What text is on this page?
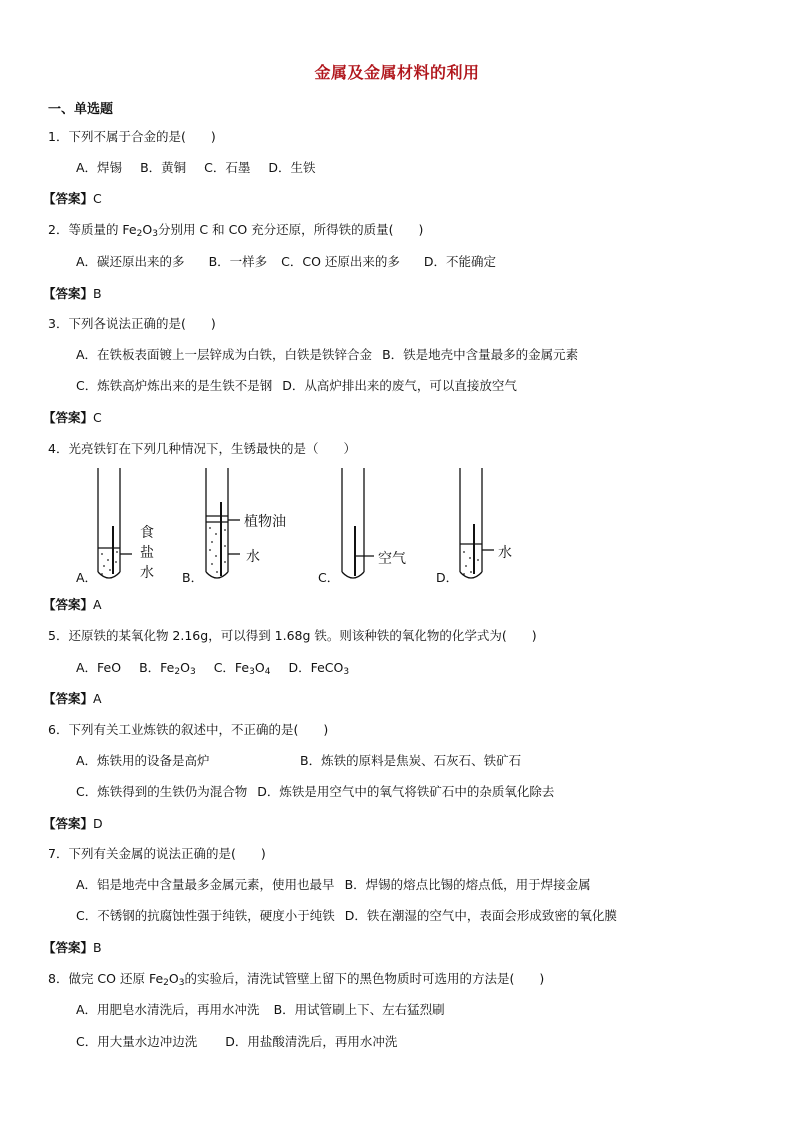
金属及金属材料的利用
一、单选题
1．下列不属于合金的是(　　)
A．焊锡 B．黄铜 C．石墨 D．生铁
【答案】C
2．等质量的 $Fe_2O_3$分别用 C 和 CO 充分还原，所得铁的质量(　　)
A．碳还原出来的多 B．一样多 C．CO 还原出来的多 D．不能确定
【答案】B
3．下列各说法正确的是(　　)
A．在铁板表面镀上一层锌成为白铁，白铁是铁锌合金 B．铁是地壳中含量最多的金属元素
C．炼铁高炉炼出来的是生铁不是钢 D．从高炉排出来的废气，可以直接放空气
【答案】C
4．光亮铁钉在下列几种情况下，生锈最快的是（　　）
A．	B．	C．	D．
食
盐
水
植物油
水	空气	水
【答案】A
5．还原铁的某氧化物 2.16g，可以得到 1.68g 铁。则该种铁的氧化物的化学式为(　　)
A．FeO B．$Fe_2O_3$ C．$Fe_3O_4$ D．FeCO$_3$
【答案】A
6．下列有关工业炼铁的叙述中，不正确的是(　　)
A．炼铁用的设备是高炉	B．炼铁的原料是焦炭、石灰石、铁矿石
C．炼铁得到的生铁仍为混合物 D．炼铁是用空气中的氧气将铁矿石中的杂质氧化除去
【答案】D
7．下列有关金属的说法正确的是(　　)
A．铝是地壳中含量最多金属元素，使用也最早 B．焊锡的熔点比锡的熔点低，用于焊接金属
C．不锈钢的抗腐蚀性强于纯铁，硬度小于纯铁 D．铁在潮湿的空气中，表面会形成致密的氧化膜
【答案】B
8．做完 CO 还原 $Fe_2O_3$的实验后，清洗试管壁上留下的黑色物质时可选用的方法是(　　)
A．用肥皂水清洗后，再用水冲洗 B．用试管刷上下、左右猛烈刷
C．用大量水边冲边洗 D．用盐酸清洗后，再用水冲洗
